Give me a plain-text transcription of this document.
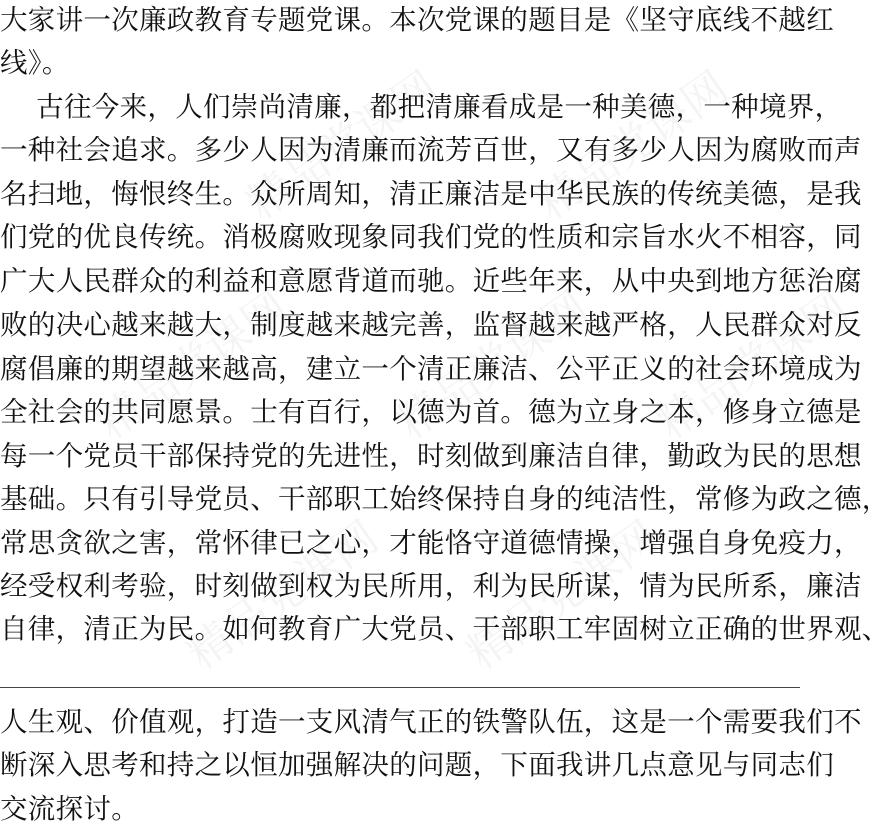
精品党课网 精品党课网
精品党课网 精品党课网 精品党课网
精品党课网 精品党课网
大家讲一次廉政教育专题党课。本次党课的题目是《坚守底线不越红
线》。
古往今来，人们崇尚清廉，都把清廉看成是一种美德，一种境界，
一种社会追求。多少人因为清廉而流芳百世，又有多少人因为腐败而声
名扫地，悔恨终生。众所周知，清正廉洁是中华民族的传统美德，是我
们党的优良传统。消极腐败现象同我们党的性质和宗旨水火不相容，同
广大人民群众的利益和意愿背道而驰。近些年来，从中央到地方惩治腐
败的决心越来越大，制度越来越完善，监督越来越严格，人民群众对反
腐倡廉的期望越来越高，建立一个清正廉洁、公平正义的社会环境成为
全社会的共同愿景。士有百行，以德为首。德为立身之本，修身立德是
每一个党员干部保持党的先进性，时刻做到廉洁自律，勤政为民的思想
基础。只有引导党员、干部职工始终保持自身的纯洁性，常修为政之德，
常思贪欲之害，常怀律已之心，才能恪守道德情操，增强自身免疫力，
经受权利考验，时刻做到权为民所用，利为民所谋，情为民所系，廉洁
自律，清正为民。如何教育广大党员、干部职工牢固树立正确的世界观、
人生观、价值观，打造一支风清气正的铁警队伍，这是一个需要我们不
断深入思考和持之以恒加强解决的问题，下面我讲几点意见与同志们
交流探讨。
